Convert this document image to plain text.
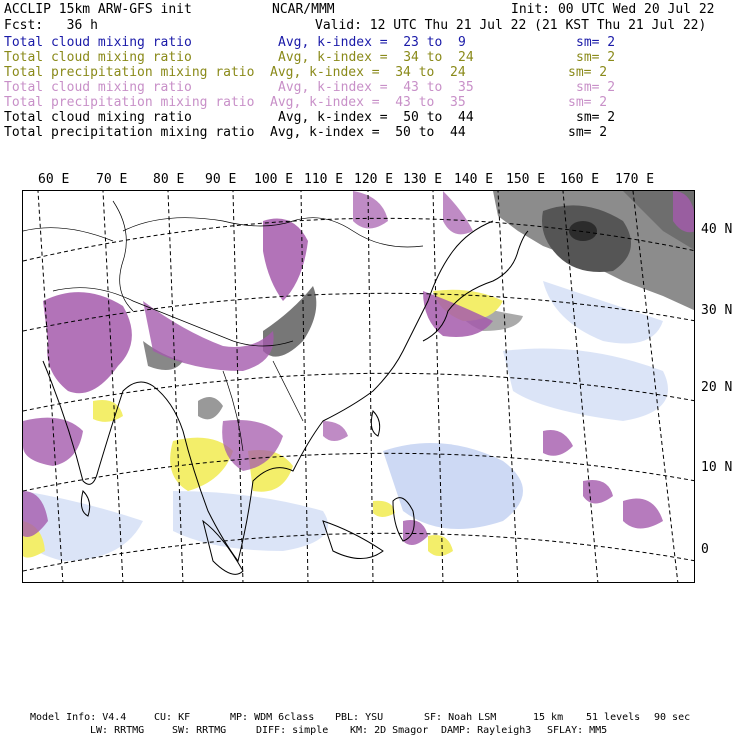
ACCLIP 15km ARW-GFS init	NCAR/MMM	Init: 00 UTC Wed 20 Jul 22
Fcst:   36 h	Valid: 12 UTC Thu 21 Jul 22 (21 KST Thu 21 Jul 22)
Total cloud mixing ratio	Avg, k-index =  23 to  9	sm= 2
Total cloud mixing ratio	Avg, k-index =  34 to  24	sm= 2
Total precipitation mixing ratio Avg, k-index =  34 to  24	sm= 2
Total cloud mixing ratio	Avg, k-index =  43 to  35	sm= 2
Total precipitation mixing ratio Avg, k-index =  43 to  35	sm= 2
Total cloud mixing ratio	Avg, k-index =  50 to  44	sm= 2
Total precipitation mixing ratio Avg, k-index =  50 to  44	sm= 2
60 E 70 E 80 E 90 E 100 E 110 E 120 E 130 E 140 E 150 E 160 E 170 E
40 N
30 N
20 N
10 N
0
Model Info: V4.4	CU: KF	MP: WDM 6class PBL: YSU	SF: Noah LSM	15 km 51 levels 90 sec
LW: RRTMG	SW: RRTMG	DIFF: simple KM: 2D Smagor DAMP: Rayleigh3 SFLAY: MM5
